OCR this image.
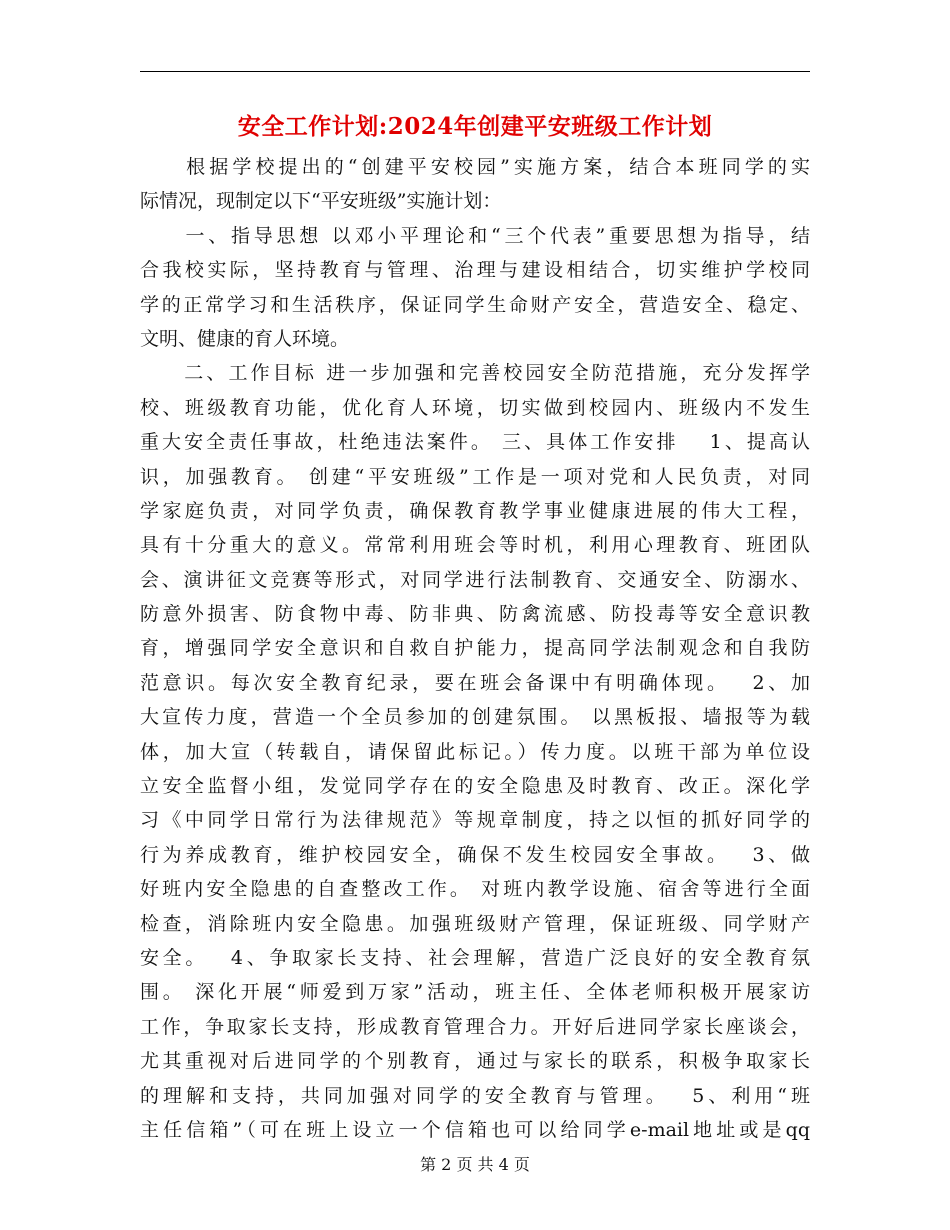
安全工作计划:2024年创建平安班级工作计划
　　根据学校提出的“创建平安校园”实施方案，结合本班同学的实
际情况，现制定以下“平安班级”实施计划：
　　一、指导思想 以邓小平理论和“三个代表”重要思想为指导，结
合我校实际，坚持教育与管理、治理与建设相结合，切实维护学校同
学的正常学习和生活秩序，保证同学生命财产安全，营造安全、稳定、
文明、健康的育人环境。
　　二、工作目标 进一步加强和完善校园安全防范措施，充分发挥学
校、班级教育功能，优化育人环境，切实做到校园内、班级内不发生
重大安全责任事故，杜绝违法案件。 三、具体工作安排　 1、提高认
识，加强教育。 创建“平安班级”工作是一项对党和人民负责，对同
学家庭负责，对同学负责，确保教育教学事业健康进展的伟大工程，
具有十分重大的意义。常常利用班会等时机，利用心理教育、班团队
会、演讲征文竞赛等形式，对同学进行法制教育、交通安全、防溺水、
防意外损害、防食物中毒、防非典、防禽流感、防投毒等安全意识教
育，增强同学安全意识和自救自护能力，提高同学法制观念和自我防
范意识。每次安全教育纪录，要在班会备课中有明确体现。　 2、加
大宣传力度，营造一个全员参加的创建氛围。 以黑板报、墙报等为载
体，加大宣（转载自，请保留此标记。）传力度。以班干部为单位设
立安全监督小组，发觉同学存在的安全隐患及时教育、改正。深化学
习《中同学日常行为法律规范》等规章制度，持之以恒的抓好同学的
行为养成教育，维护校园安全，确保不发生校园安全事故。　 3、做
好班内安全隐患的自查整改工作。 对班内教学设施、宿舍等进行全面
检查，消除班内安全隐患。加强班级财产管理，保证班级、同学财产
安全。　 4、争取家长支持、社会理解，营造广泛良好的安全教育氛
围。 深化开展“师爱到万家”活动，班主任、全体老师积极开展家访
工作，争取家长支持，形成教育管理合力。开好后进同学家长座谈会，
尤其重视对后进同学的个别教育，通过与家长的联系，积极争取家长
的理解和支持，共同加强对同学的安全教育与管理。　 5、利用“班
主任信箱”（可在班上设立一个信箱也可以给同学e-mail地址或是qq
第 2 页 共 4 页
